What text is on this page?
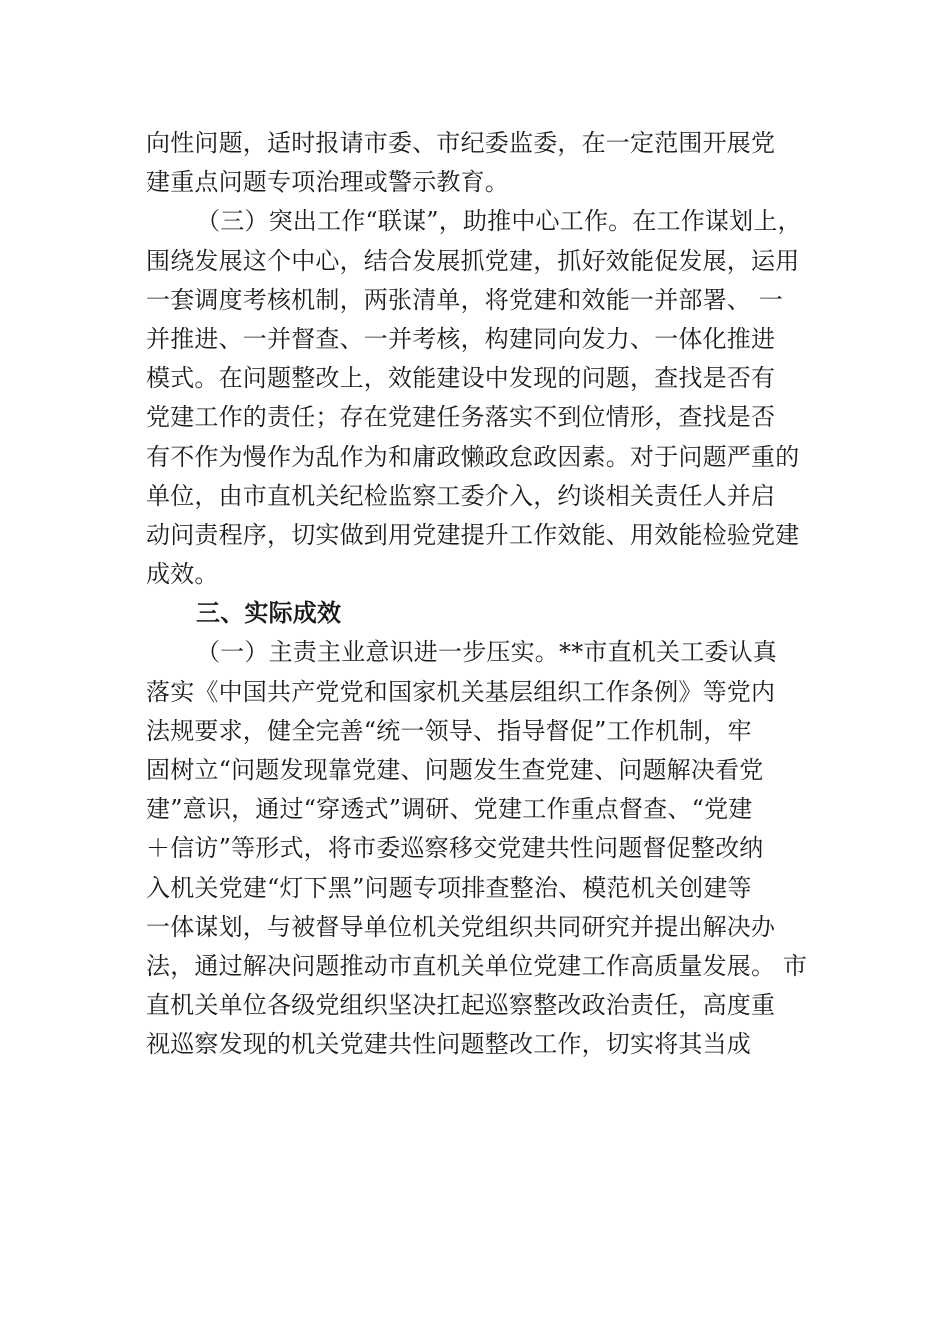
向性问题，适时报请市委、市纪委监委，在一定范围开展党
建重点问题专项治理或警示教育。
（三）突出工作“联谋”，助推中心工作。在工作谋划上，
围绕发展这个中心，结合发展抓党建，抓好效能促发展，运用
一套调度考核机制，两张清单，将党建和效能一并部署、 一
并推进、一并督查、一并考核，构建同向发力、一体化推进
模式。在问题整改上，效能建设中发现的问题，查找是否有
党建工作的责任；存在党建任务落实不到位情形，查找是否
有不作为慢作为乱作为和庸政懒政怠政因素。对于问题严重的
单位，由市直机关纪检监察工委介入，约谈相关责任人并启
动问责程序，切实做到用党建提升工作效能、用效能检验党建
成效。
三、实际成效
（一）主责主业意识进一步压实。**市直机关工委认真
落实《中国共产党党和国家机关基层组织工作条例》等党内
法规要求，健全完善“统一领导、指导督促”工作机制，牢
固树立“问题发现靠党建、问题发生查党建、问题解决看党
建”意识，通过“穿透式”调研、党建工作重点督查、“党建
＋信访”等形式，将市委巡察移交党建共性问题督促整改纳
入机关党建“灯下黑”问题专项排查整治、模范机关创建等
一体谋划，与被督导单位机关党组织共同研究并提出解决办
法，通过解决问题推动市直机关单位党建工作高质量发展。 市
直机关单位各级党组织坚决扛起巡察整改政治责任，高度重
视巡察发现的机关党建共性问题整改工作，切实将其当成
